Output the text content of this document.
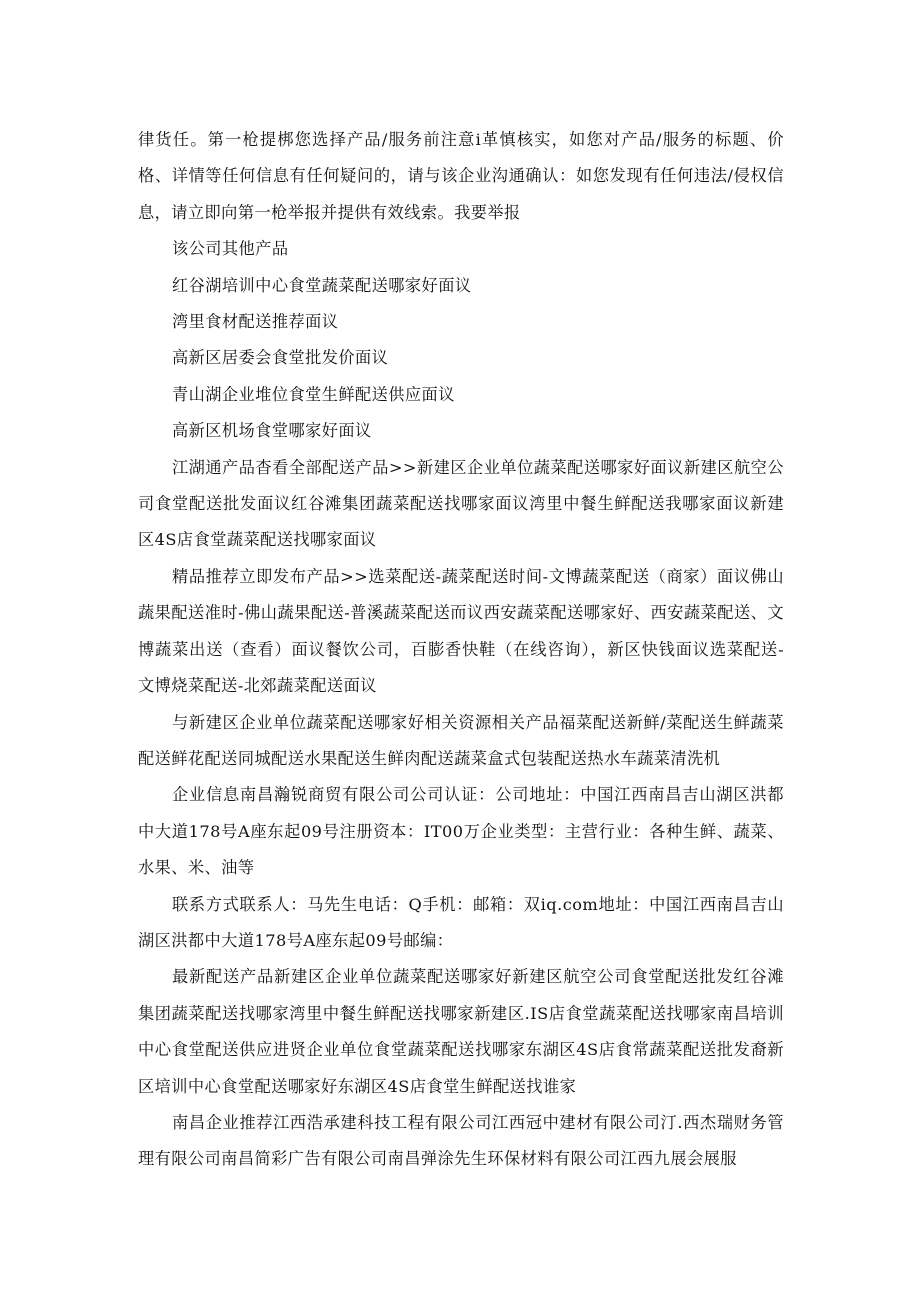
律货任。第一枪提梆您选择产品/服务前注意i革慎核实，如您对产品/服务的标题、价格、详情等任何信息有任何疑问的，请与该企业沟通确认：如您发现有任何违法/侵权信息，请立即向第一枪举报并提供有效线索。我要举报

该公司其他产品

红谷湖培训中心食堂蔬菜配送哪家好面议

湾里食材配送推荐面议

高新区居委会食堂批发价面议

青山湖企业堆位食堂生鲜配送供应面议

高新区机场食堂哪家好面议

江湖通产品杳看全部配送产品>>新建区企业单位蔬菜配送哪家好面议新建区航空公司食堂配送批发面议红谷滩集团蔬菜配送找哪家面议湾里中餐生鲜配送我哪家面议新建区4S店食堂蔬菜配送找哪家面议

精品推荐立即发布产品>>选菜配送-蔬菜配送时间-文博蔬菜配送（商家）面议佛山蔬果配送准时-佛山蔬果配送-普溪蔬菜配送而议西安蔬菜配送哪家好、西安蔬菜配送、文博蔬菜出送（查看）面议餐饮公司，百膨香快鞋（在线咨询），新区快钱面议选菜配送-文博烧菜配送-北郊蔬菜配送面议

与新建区企业单位蔬菜配送哪家好相关资源相关产品福菜配送新鲜/菜配送生鲜蔬菜配送鲜花配送同城配送水果配送生鲜肉配送蔬菜盒式包装配送热水车蔬菜清洗机

企业信息南昌瀚锐商贸有限公司公司认证：公司地址：中国江西南昌吉山湖区洪都中大道178号A座东起09号注册资本：IT00万企业类型：主营行业：各种生鲜、蔬菜、水果、米、油等

联系方式联系人：马先生电话：Q手机：邮箱：双iq.com地址：中国江西南昌吉山湖区洪都中大道178号A座东起09号邮编：

最新配送产品新建区企业单位蔬菜配送哪家好新建区航空公司食堂配送批发红谷滩集团蔬菜配送找哪家湾里中餐生鲜配送找哪家新建区.IS店食堂蔬菜配送找哪家南昌培训中心食堂配送供应进贤企业单位食堂蔬菜配送找哪家东湖区4S店食常蔬菜配送批发裔新区培训中心食堂配送哪家好东湖区4S店食堂生鲜配送找谁家

南昌企业推荐江西浩承建科技工程有限公司江西冠中建材有限公司汀.西杰瑞财务管理有限公司南昌简彩广告有限公司南昌弹涂先生环保材料有限公司江西九展会展服
